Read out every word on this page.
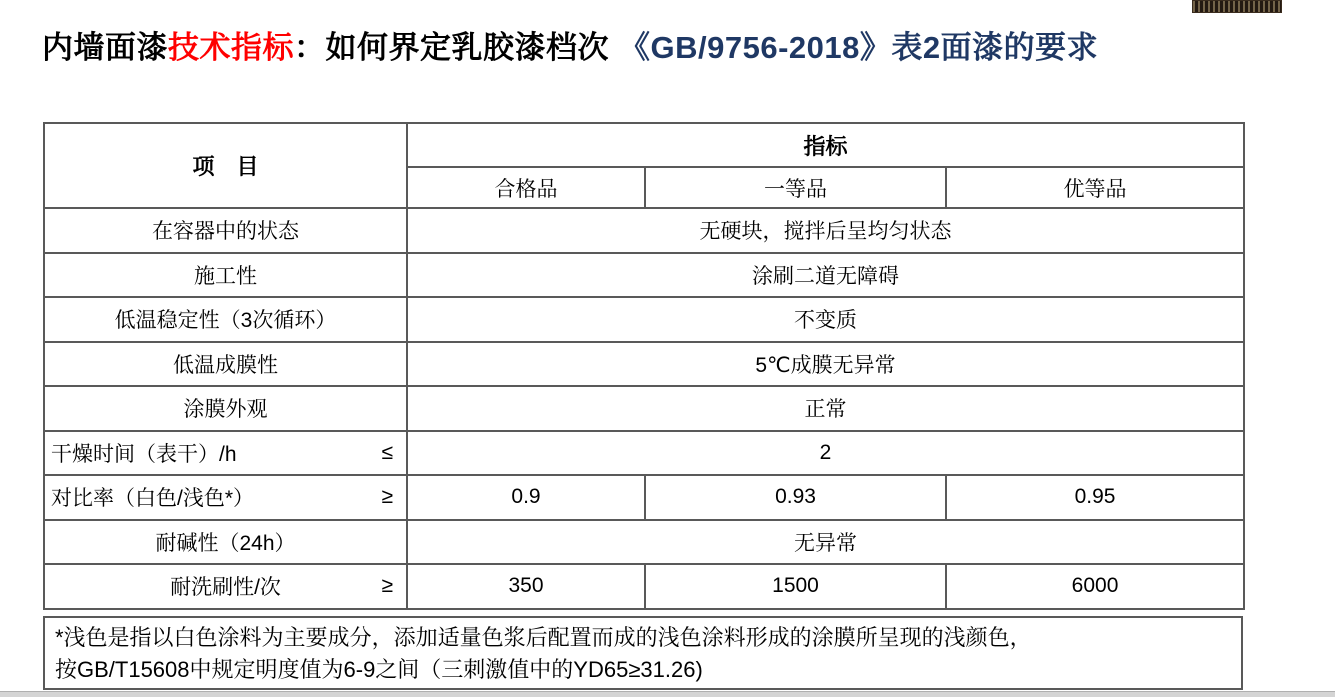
内墙面漆技术指标：如何界定乳胶漆档次 《GB/9756-2018》表2面漆的要求
项　目	指标		
	合格品	一等品	优等品
在容器中的状态	无硬块，搅拌后呈均匀状态		
施工性	涂刷二道无障碍		
低温稳定性（3次循环）	不变质		
低温成膜性	5℃成膜无异常		
涂膜外观	正常		
干燥时间（表干）/h ≤	2		
对比率（白色/浅色*） ≥	0.9	0.93	0.95
耐碱性（24h）	无异常		
耐洗刷性/次 ≥	350	1500	6000
*浅色是指以白色涂料为主要成分，添加适量色浆后配置而成的浅色涂料形成的涂膜所呈现的浅颜色，
按GB/T15608中规定明度值为6-9之间（三刺激值中的YD65≥31.26)
